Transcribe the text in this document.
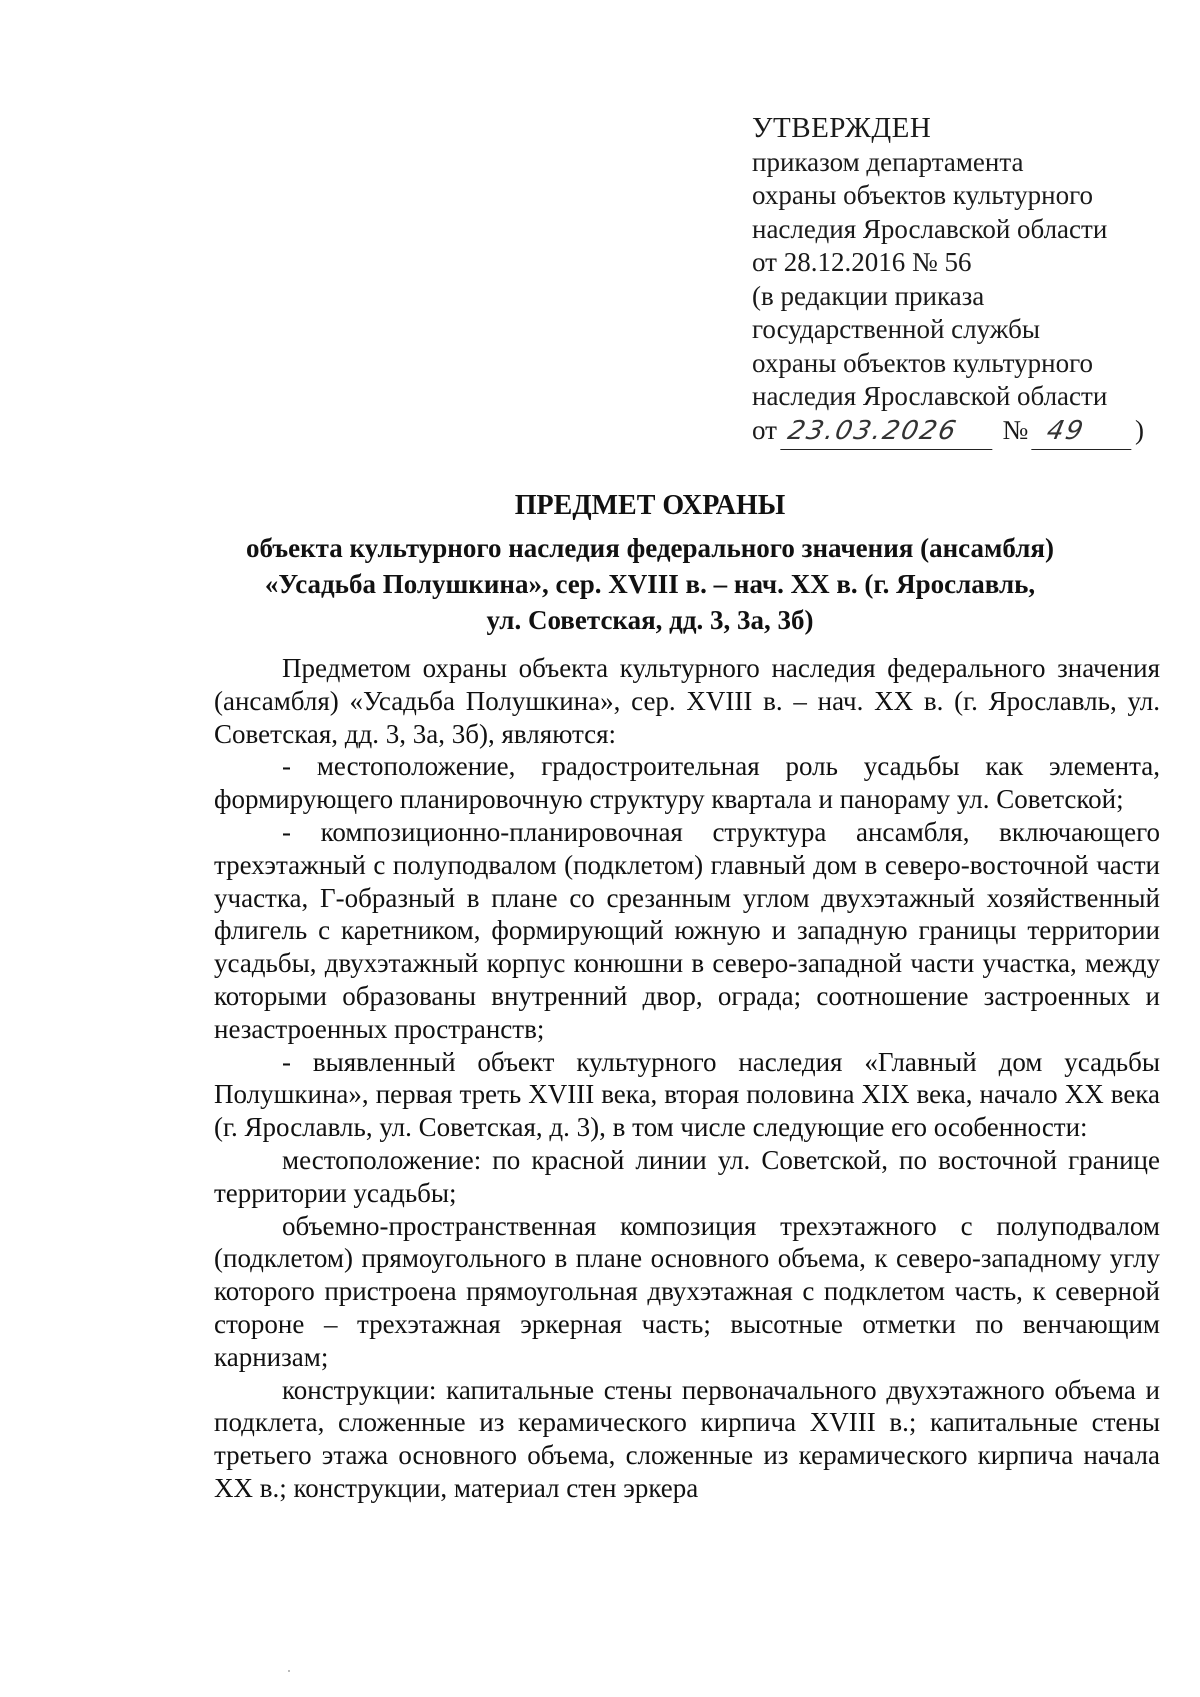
УТВЕРЖДЕН
приказом департамента
охраны объектов культурного
наследия Ярославской области
от 28.12.2016 № 56
(в редакции приказа
государственной службы
охраны объектов культурного
наследия Ярославской области
от 23.03.2026 № 49 )
ПРЕДМЕТ ОХРАНЫ
объекта культурного наследия федерального значения (ансамбля)
«Усадьба Полушкина», сер. XVIII в. – нач. XX в. (г. Ярославль,
ул. Советская, дд. 3, 3а, 3б)

Предметом охраны объекта культурного наследия федерального значения (ансамбля) «Усадьба Полушкина», сер. XVIII в. – нач. XX в. (г. Ярославль, ул. Советская, дд. 3, 3а, 3б), являются:

- местоположение, градостроительная роль усадьбы как элемента, формирующего планировочную структуру квартала и панораму ул. Советской;

- композиционно-планировочная структура ансамбля, включающего трехэтажный с полуподвалом (подклетом) главный дом в северо-восточной части участка, Г-образный в плане со срезанным углом двухэтажный хозяйственный флигель с каретником, формирующий южную и западную границы территории усадьбы, двухэтажный корпус конюшни в северо-западной части участка, между которыми образованы внутренний двор, ограда; соотношение застроенных и незастроенных пространств;

- выявленный объект культурного наследия «Главный дом усадьбы Полушкина», первая треть XVIII века, вторая половина XIX века, начало XX века (г. Ярославль, ул. Советская, д. 3), в том числе следующие его особенности:

местоположение: по красной линии ул. Советской, по восточной границе территории усадьбы;

объемно-пространственная композиция трехэтажного с полуподвалом (подклетом) прямоугольного в плане основного объема, к северо-западному углу которого пристроена прямоугольная двухэтажная с подклетом часть, к северной стороне – трехэтажная эркерная часть; высотные отметки по венчающим карнизам;

конструкции: капитальные стены первоначального двухэтажного объема и подклета, сложенные из керамического кирпича XVIII в.; капитальные стены третьего этажа основного объема, сложенные из керамического кирпича начала XX в.; конструкции, материал стен эркера
